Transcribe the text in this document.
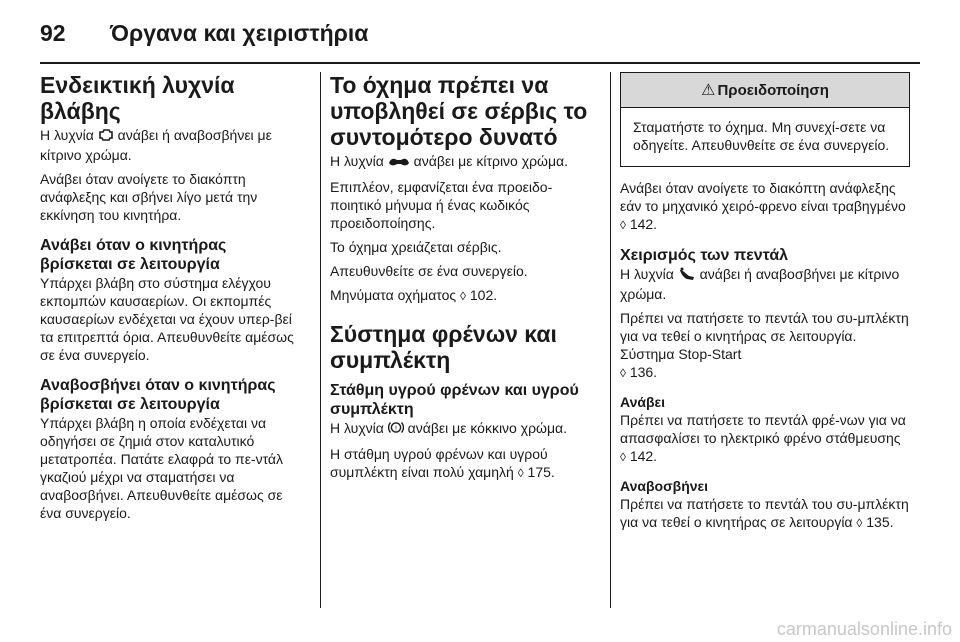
92	Όργανα και χειριστήρια
Ενδεικτική λυχνία βλάβης

Η λυχνία ανάβει ή αναβοσβήνει με κίτρινο χρώμα.

Ανάβει όταν ανοίγετε το διακόπτη ανάφλεξης και σβήνει λίγο μετά την εκκίνηση του κινητήρα.

Ανάβει όταν ο κινητήρας βρίσκεται σε λειτουργία

Υπάρχει βλάβη στο σύστημα ελέγχου εκπομπών καυσαερίων. Οι εκπομπές καυσαερίων ενδέχεται να έχουν υπερ-βεί τα επιτρεπτά όρια. Απευθυνθείτε αμέσως σε ένα συνεργείο.

Αναβοσβήνει όταν ο κινητήρας βρίσκεται σε λειτουργία

Υπάρχει βλάβη η οποία ενδέχεται να οδηγήσει σε ζημιά στον καταλυτικό μετατροπέα. Πατάτε ελαφρά το πε-ντάλ γκαζιού μέχρι να σταματήσει να αναβοσβήνει. Απευθυνθείτε αμέσως σε ένα συνεργείο.

Το όχημα πρέπει να υποβληθεί σε σέρβις το συντομότερο δυνατό

Η λυχνία ανάβει με κίτρινο χρώμα.

Επιπλέον, εμφανίζεται ένα προειδο-ποιητικό μήνυμα ή ένας κωδικός προειδοποίησης.

Το όχημα χρειάζεται σέρβις.

Απευθυνθείτε σε ένα συνεργείο.

Μηνύματα οχήματος ◊ 102.

Σύστημα φρένων και συμπλέκτη
Στάθμη υγρού φρένων και υγρού συμπλέκτη

Η λυχνία ! ανάβει με κόκκινο χρώμα.

Η στάθμη υγρού φρένων και υγρού συμπλέκτη είναι πολύ χαμηλή ◊ 175.

⚠ Προειδοποίηση

Σταματήστε το όχημα. Μη συνεχί-σετε να οδηγείτε. Απευθυνθείτε σε ένα συνεργείο.

Ανάβει όταν ανοίγετε το διακόπτη ανάφλεξης εάν το μηχανικό χειρό-φρενο είναι τραβηγμένο ◊ 142.

Χειρισμός των πεντάλ

Η λυχνία ανάβει ή αναβοσβήνει με κίτρινο χρώμα.

Πρέπει να πατήσετε το πεντάλ του συ-μπλέκτη για να τεθεί ο κινητήρας σε λειτουργία. Σύστημα Stop-Start
◊ 136.

Ανάβει

Πρέπει να πατήσετε το πεντάλ φρέ-νων για να απασφαλίσει το ηλεκτρικό φρένο στάθμευσης ◊ 142.

Αναβοσβήνει

Πρέπει να πατήσετε το πεντάλ του συ-μπλέκτη για να τεθεί ο κινητήρας σε λειτουργία ◊ 135.

carmanualsonline.info
